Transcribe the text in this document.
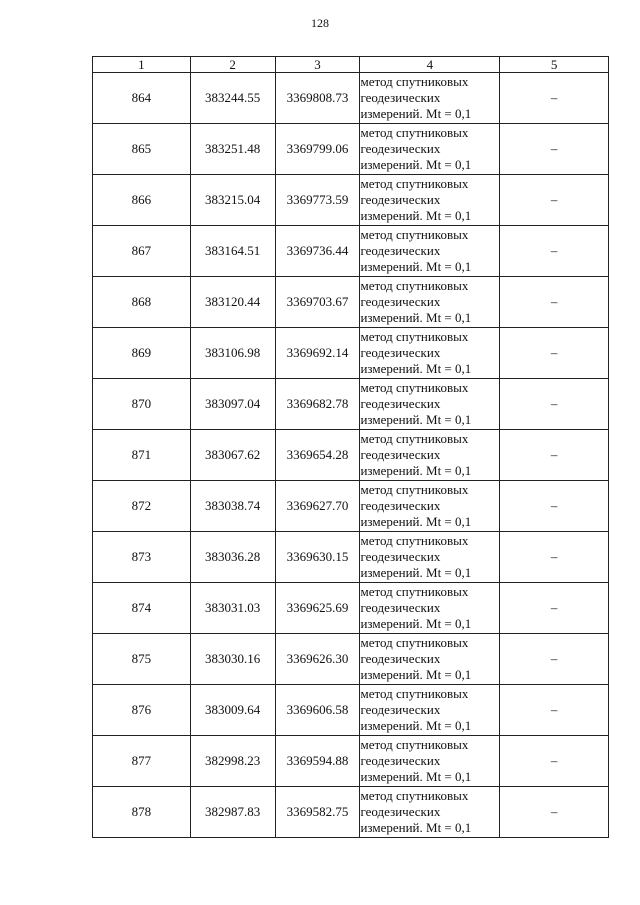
128
1	2	3	4	5
864	383244.55	3369808.73	метод спутниковых
геодезических
измерений. Mt = 0,1	–
865	383251.48	3369799.06	метод спутниковых
геодезических
измерений. Mt = 0,1	–
866	383215.04	3369773.59	метод спутниковых
геодезических
измерений. Mt = 0,1	–
867	383164.51	3369736.44	метод спутниковых
геодезических
измерений. Mt = 0,1	–
868	383120.44	3369703.67	метод спутниковых
геодезических
измерений. Mt = 0,1	–
869	383106.98	3369692.14	метод спутниковых
геодезических
измерений. Mt = 0,1	–
870	383097.04	3369682.78	метод спутниковых
геодезических
измерений. Mt = 0,1	–
871	383067.62	3369654.28	метод спутниковых
геодезических
измерений. Mt = 0,1	–
872	383038.74	3369627.70	метод спутниковых
геодезических
измерений. Mt = 0,1	–
873	383036.28	3369630.15	метод спутниковых
геодезических
измерений. Mt = 0,1	–
874	383031.03	3369625.69	метод спутниковых
геодезических
измерений. Mt = 0,1	–
875	383030.16	3369626.30	метод спутниковых
геодезических
измерений. Mt = 0,1	–
876	383009.64	3369606.58	метод спутниковых
геодезических
измерений. Mt = 0,1	–
877	382998.23	3369594.88	метод спутниковых
геодезических
измерений. Mt = 0,1	–
878	382987.83	3369582.75	метод спутниковых
геодезических
измерений. Mt = 0,1	–
